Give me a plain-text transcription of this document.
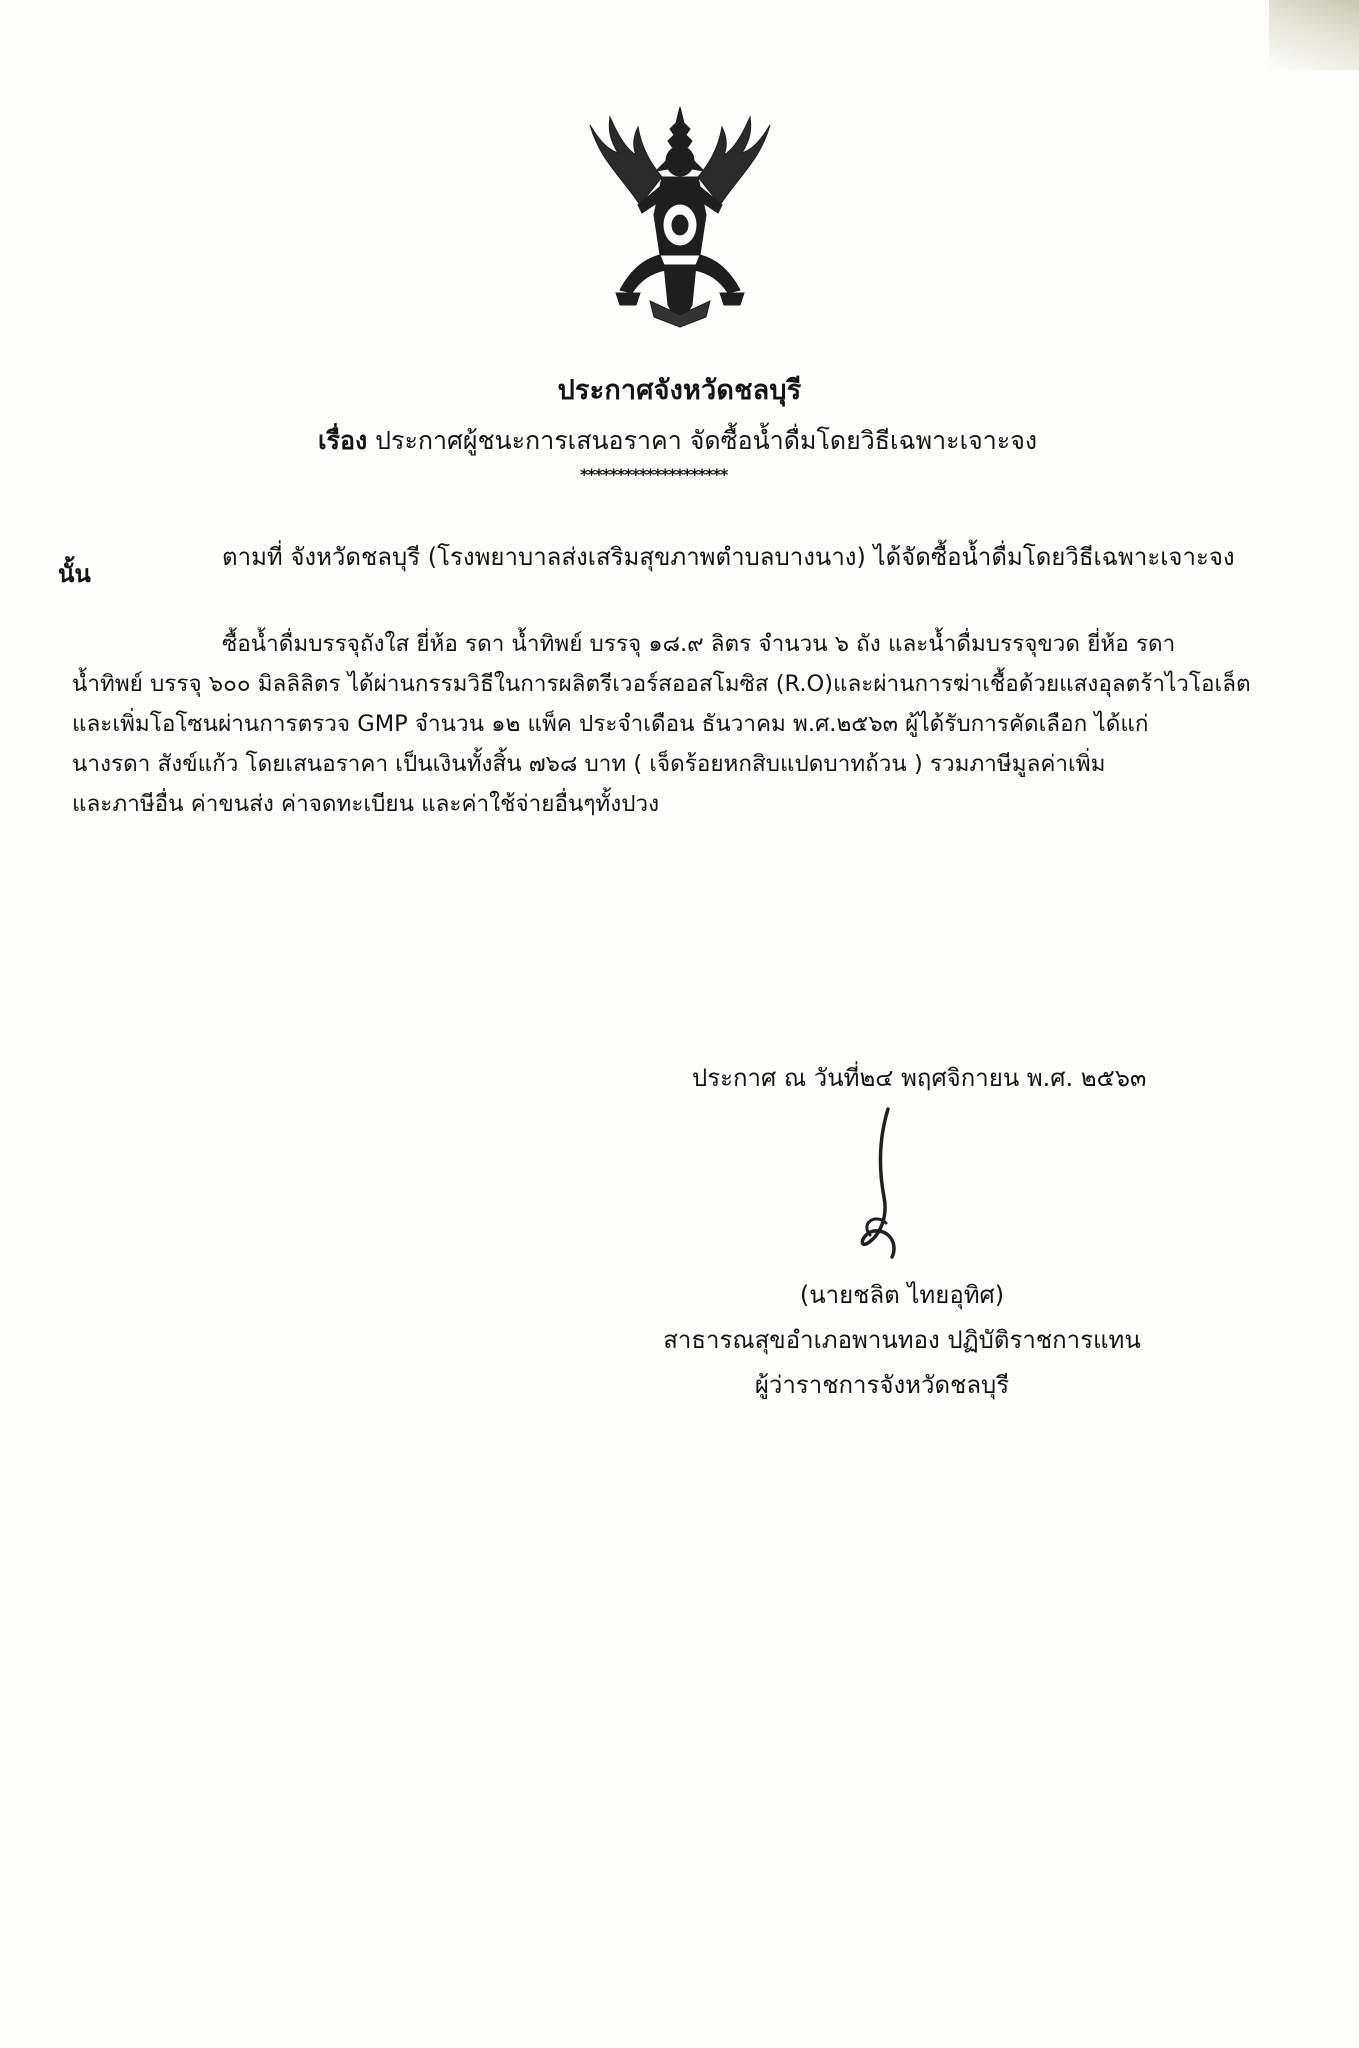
ประกาศจังหวัดชลบุรี
เรื่อง ประกาศผู้ชนะการเสนอราคา จัดซื้อน้ำดื่มโดยวิธีเฉพาะเจาะจง
********************
ตามที่ จังหวัดชลบุรี (โรงพยาบาลส่งเสริมสุขภาพตำบลบางนาง) ได้จัดซื้อน้ำดื่มโดยวิธีเฉพาะเจาะจง
นั้น
ซื้อน้ำดื่มบรรจุถังใส ยี่ห้อ รดา น้ำทิพย์ บรรจุ ๑๘.๙ ลิตร จำนวน ๖ ถัง และน้ำดื่มบรรจุขวด ยี่ห้อ รดา
น้ำทิพย์ บรรจุ ๖๐๐ มิลลิลิตร ได้ผ่านกรรมวิธีในการผลิตรีเวอร์สออสโมซิส (R.O)และผ่านการฆ่าเชื้อด้วยแสงอุลตร้าไวโอเล็ต
และเพิ่มโอโซนผ่านการตรวจ GMP จำนวน ๑๒ แพ็ค ประจำเดือน ธันวาคม พ.ศ.๒๕๖๓ ผู้ได้รับการคัดเลือก ได้แก่
นางรดา สังข์แก้ว โดยเสนอราคา เป็นเงินทั้งสิ้น ๗๖๘ บาท ( เจ็ดร้อยหกสิบแปดบาทถ้วน ) รวมภาษีมูลค่าเพิ่ม
และภาษีอื่น ค่าขนส่ง ค่าจดทะเบียน และค่าใช้จ่ายอื่นๆทั้งปวง
ประกาศ ณ วันที่๒๔ พฤศจิกายน พ.ศ. ๒๕๖๓
(นายชลิต ไทยอุทิศ)
สาธารณสุขอำเภอพานทอง ปฏิบัติราชการแทน
ผู้ว่าราชการจังหวัดชลบุรี
